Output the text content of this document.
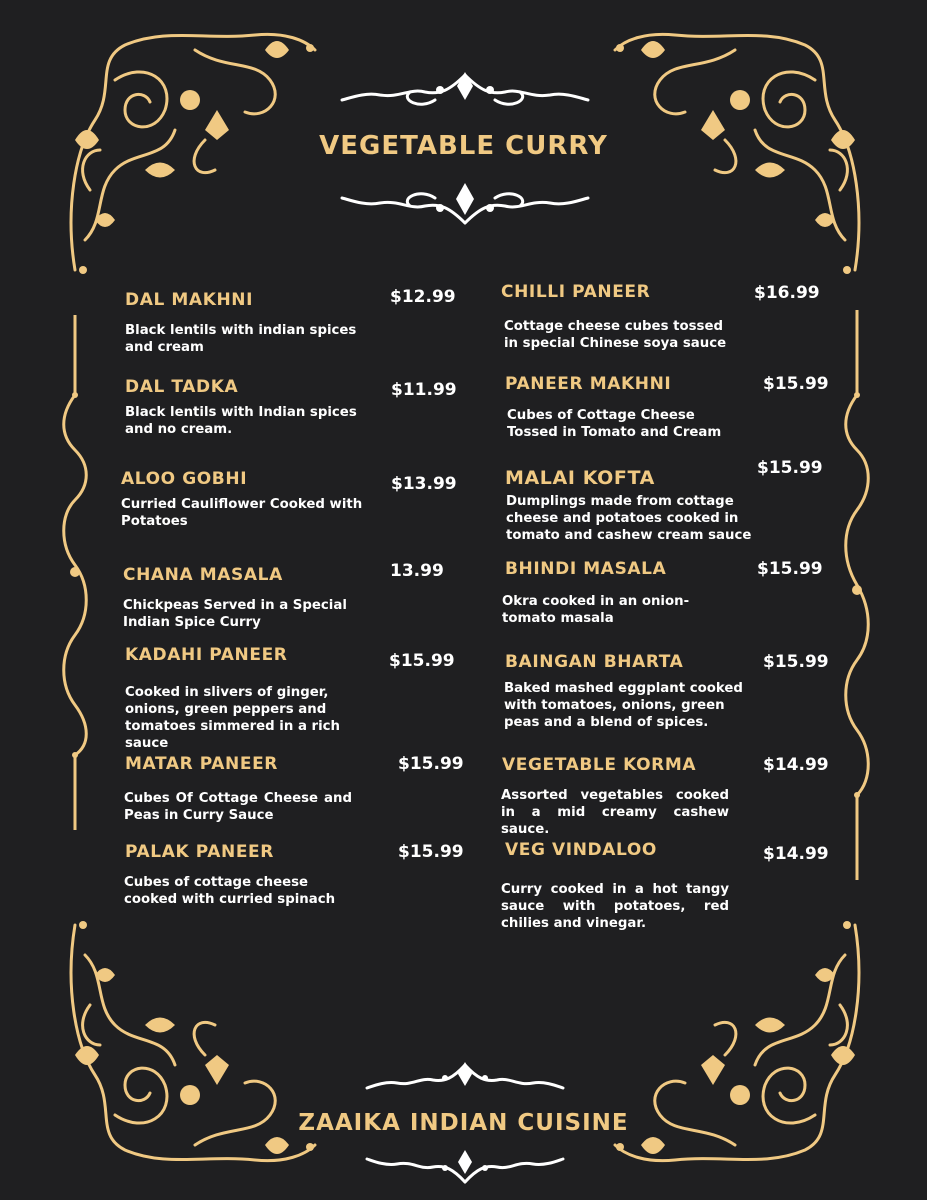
VEGETABLE CURRY
ZAAIKA INDIAN CUISINE
DAL MAKHNI	$12.99
Black lentils with indian spices and cream
DAL TADKA	$11.99
Black lentils with Indian spices and no cream.
ALOO GOBHI	$13.99
Curried Cauliflower Cooked with Potatoes
CHANA MASALA	13.99
Chickpeas Served in a Special Indian Spice Curry
KADAHI PANEER	$15.99
Cooked in slivers of ginger, onions, green peppers and tomatoes simmered in a rich sauce
MATAR PANEER	$15.99
Cubes Of Cottage Cheese and Peas in Curry Sauce
PALAK PANEER	$15.99
Cubes of cottage cheese cooked with curried spinach
CHILLI PANEER	$16.99
Cottage cheese cubes tossed in special Chinese soya sauce
PANEER MAKHNI	$15.99
Cubes of Cottage Cheese Tossed in Tomato and Cream
MALAI KOFTA	$15.99
Dumplings made from cottage cheese and potatoes cooked in tomato and cashew cream sauce
BHINDI MASALA	$15.99
Okra cooked in an onion-tomato masala
BAINGAN BHARTA	$15.99
Baked mashed eggplant cooked with tomatoes, onions, green peas and a blend of spices.
VEGETABLE KORMA	$14.99
Assorted vegetables cooked in a mid creamy cashew sauce.
VEG VINDALOO	$14.99
Curry cooked in a hot tangy sauce with potatoes, red chilies and vinegar.
